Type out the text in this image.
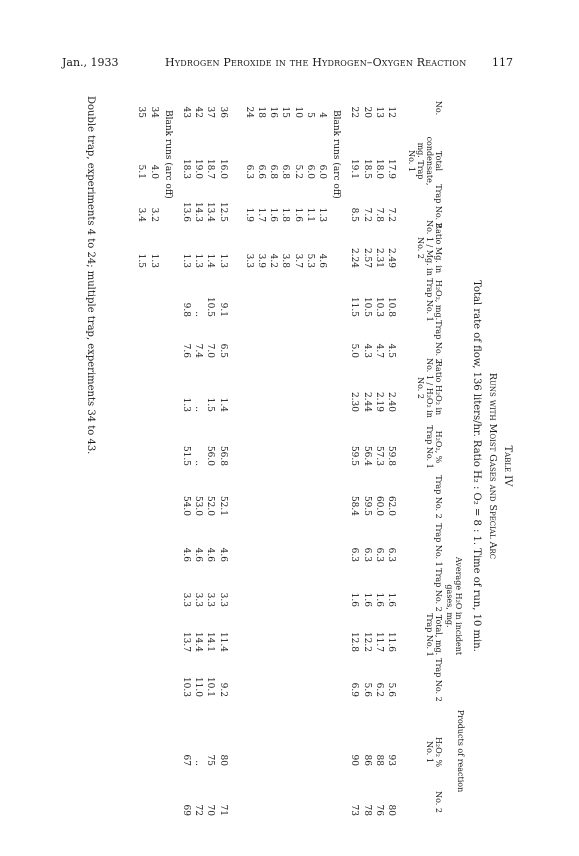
Jan., 1933	Hydrogen Peroxide in the Hydrogen–Oxygen Reaction 117
Table IV
Runs with Moist Gases and Special Arc
Total rate of flow, 136 liters/hr. Ratio H₂ : O₂ = 8 : 1. Time of run, 10 min.
Products of reaction
Average H₂O in incident gases, mg.
No.
Total condensate, mg. Trap No. 1
Trap No. 2
Ratio Mg. in No. 1 / Mg. in No. 2
H₂O₂, mg. Trap No. 1
Trap No. 2
Ratio H₂O₂ in No. 1 / H₂O₂ in No. 2
H₂O₂, % Trap No. 1
Trap No. 2
Trap No. 1
Trap No. 2
Total, mg. Trap No. 1
Trap No. 2
H₂O₂ % No. 1
No. 2
12
17.9
7.2
2.49
10.8
4.5
2.40
59.8
62.0
6.3
1.6
11.6
5.6
93
80
13
18.0
7.8
2.31
10.3
4.7
2.19
57.3
60.0
6.3
1.6
11.7
6.2
88
76
20
18.5
7.2
2.57
10.5
4.3
2.44
56.4
59.5
6.3
1.6
12.2
5.6
86
78
22
19.1
8.5
2.24
11.5
5.0
2.30
59.5
58.4
6.3
1.6
12.8
6.9
90
73
Blank runs (arc off)
4
6.0
1.3
4.6
5
6.0
1.1
5.3
10
5.2
1.6
3.7
15
6.8
1.8
3.8
16
6.8
1.6
4.2
18
6.6
1.7
3.9
24
6.3
1.9
3.3
36
16.0
12.5
1.3
9.1
6.5
1.4
56.8
52.1
4.6
3.3
11.4
9.2
80
71
37
18.7
13.4
1.4
10.5
7.0
1.5
56.0
52.0
4.6
3.3
14.1
10.1
75
70
42
19.0
14.3
1.3
..
7.4
..
..
53.0
4.6
3.3
14.4
11.0
..
72
43
18.3
13.6
1.3
9.8
7.6
1.3
51.5
54.0
4.6
3.3
13.7
10.3
67
69
Blank runs (arc off)
34
4.0
3.2
1.3
35
5.1
3.4
1.5
Double trap, experiments 4 to 24; multiple trap, experiments 34 to 43.
